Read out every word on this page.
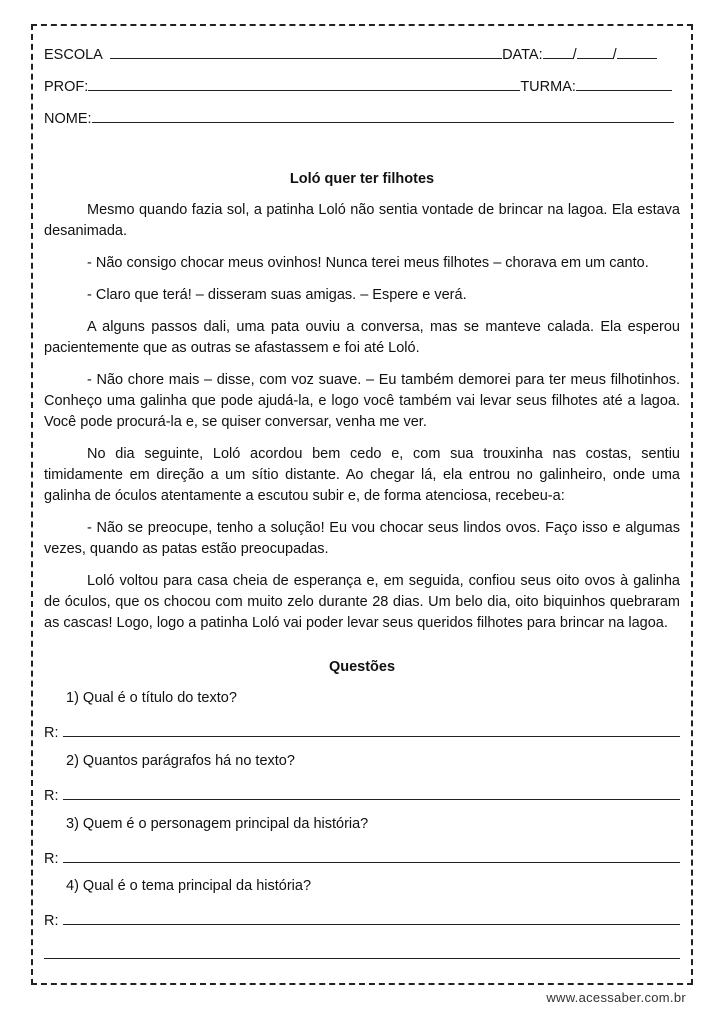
ESCOLA	DATA: / /
PROF:	TURMA:
NOME:
Loló quer ter filhotes

Mesmo quando fazia sol, a patinha Loló não sentia vontade de brincar na lagoa. Ela estava desanimada.

- Não consigo chocar meus ovinhos! Nunca terei meus filhotes – chorava em um canto.

- Claro que terá! – disseram suas amigas. – Espere e verá.

A alguns passos dali, uma pata ouviu a conversa, mas se manteve calada. Ela esperou pacientemente que as outras se afastassem e foi até Loló.

- Não chore mais – disse, com voz suave. – Eu também demorei para ter meus filhotinhos. Conheço uma galinha que pode ajudá-la, e logo você também vai levar seus filhotes até a lagoa. Você pode procurá-la e, se quiser conversar, venha me ver.

No dia seguinte, Loló acordou bem cedo e, com sua trouxinha nas costas, sentiu timidamente em direção a um sítio distante. Ao chegar lá, ela entrou no galinheiro, onde uma galinha de óculos atentamente a escutou subir e, de forma atenciosa, recebeu-a:

- Não se preocupe, tenho a solução! Eu vou chocar seus lindos ovos. Faço isso e algumas vezes, quando as patas estão preocupadas.

Loló voltou para casa cheia de esperança e, em seguida, confiou seus oito ovos à galinha de óculos, que os chocou com muito zelo durante 28 dias. Um belo dia, oito biquinhos quebraram as cascas! Logo, logo a patinha Loló vai poder levar seus queridos filhotes para brincar na lagoa.

Questões
1) Qual é o título do texto?
R:
2) Quantos parágrafos há no texto?
R:
3) Quem é o personagem principal da história?
R:
4) Qual é o tema principal da história?
R:
www.acessaber.com.br
